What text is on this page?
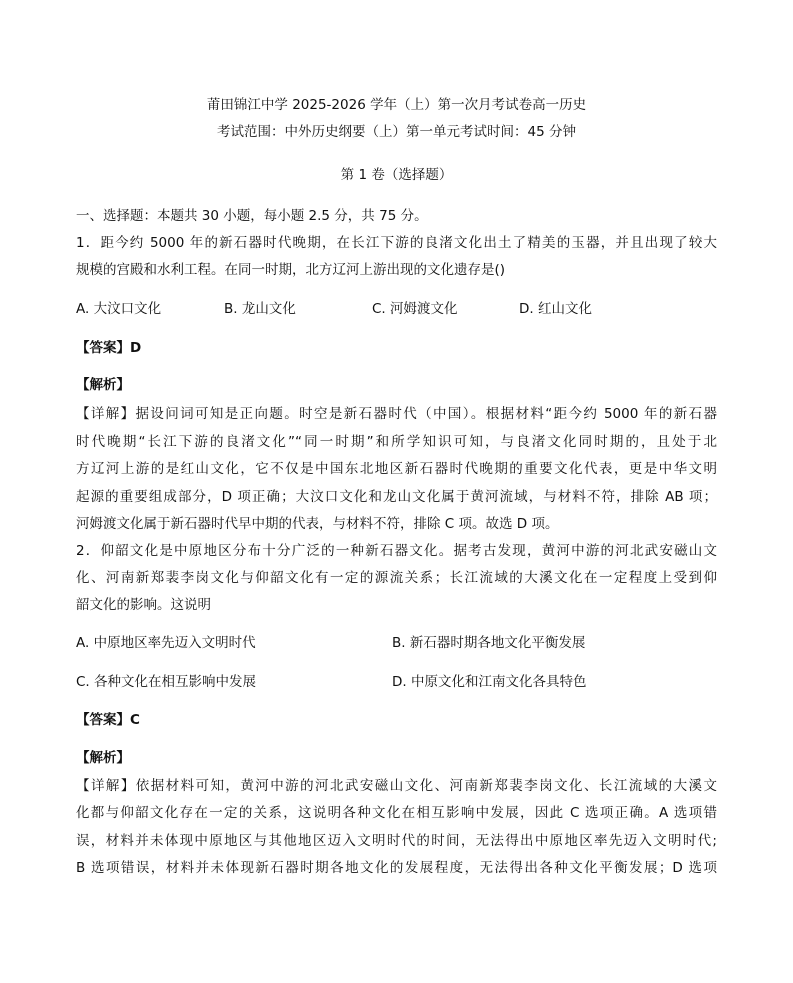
莆田锦江中学 2025-2026 学年（上）第一次月考试卷高一历史
考试范围：中外历史纲要（上）第一单元考试时间：45 分钟
第 1 卷（选择题）
一、选择题：本题共 30 小题，每小题 2.5 分，共 75 分。
1．距今约 5000 年的新石器时代晚期，在长江下游的良渚文化出土了精美的玉器，并且出现了较大
规模的宫殿和水利工程。在同一时期，北方辽河上游出现的文化遗存是()
A. 大汶口文化	B. 龙山文化	C. 河姆渡文化	D. 红山文化
【答案】D
【解析】
【详解】据设问词可知是正向题。时空是新石器时代（中国）。根据材料“距今约 5000 年的新石器
时代晚期“长江下游的良渚文化”“同一时期”和所学知识可知，与良渚文化同时期的，且处于北
方辽河上游的是红山文化，它不仅是中国东北地区新石器时代晚期的重要文化代表，更是中华文明
起源的重要组成部分，D 项正确；大汶口文化和龙山文化属于黄河流域，与材料不符，排除 AB 项；
河姆渡文化属于新石器时代早中期的代表，与材料不符，排除 C 项。故选 D 项。
2．仰韶文化是中原地区分布十分广泛的一种新石器文化。据考古发现，黄河中游的河北武安磁山文
化、河南新郑裴李岗文化与仰韶文化有一定的源流关系；长江流域的大溪文化在一定程度上受到仰
韶文化的影响。这说明
A. 中原地区率先迈入文明时代	B. 新石器时期各地文化平衡发展
C. 各种文化在相互影响中发展	D. 中原文化和江南文化各具特色
【答案】C
【解析】
【详解】依据材料可知，黄河中游的河北武安磁山文化、河南新郑裴李岗文化、长江流域的大溪文
化都与仰韶文化存在一定的关系，这说明各种文化在相互影响中发展，因此 C 选项正确。A 选项错
误，材料并未体现中原地区与其他地区迈入文明时代的时间，无法得出中原地区率先迈入文明时代;
B 选项错误，材料并未体现新石器时期各地文化的发展程度，无法得出各种文化平衡发展；D 选项
